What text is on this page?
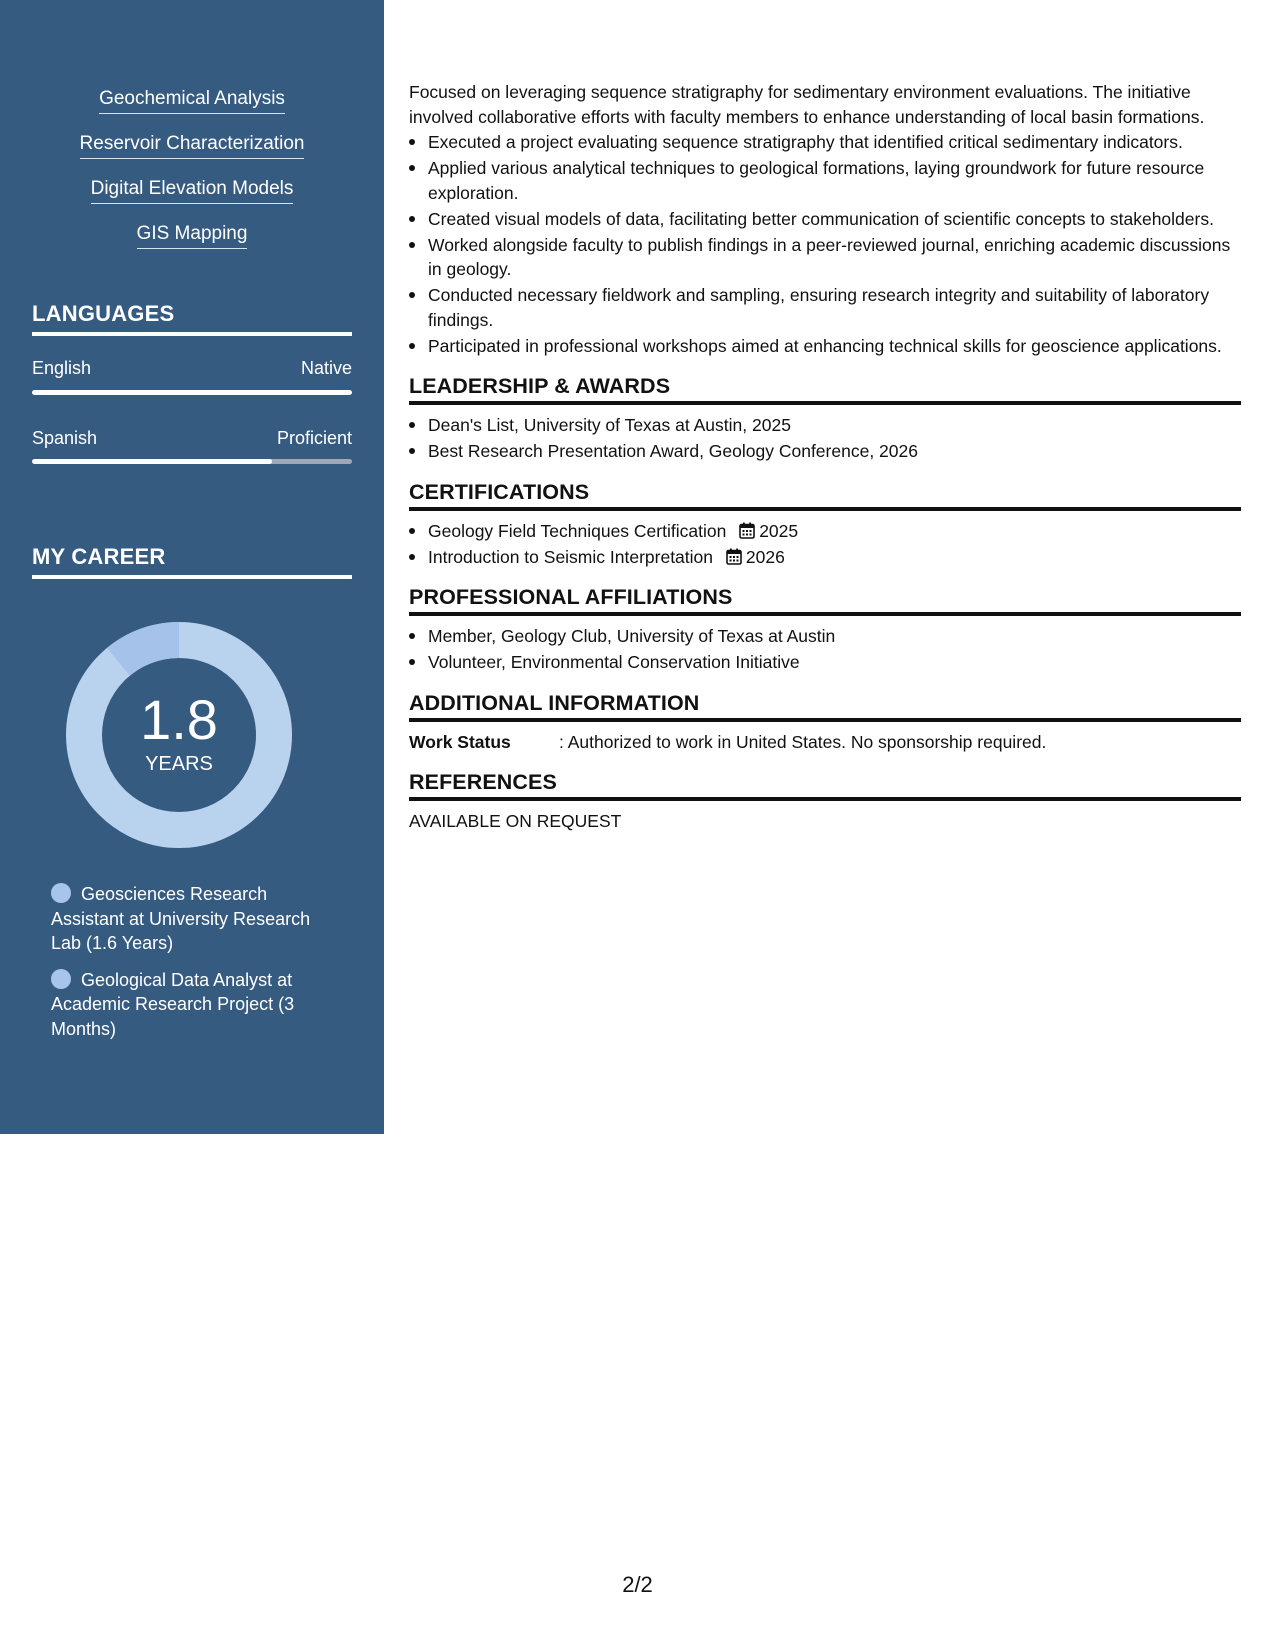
Geochemical Analysis
Reservoir Characterization
Digital Elevation Models
GIS Mapping
LANGUAGES
English	Native
Spanish	Proficient
MY CAREER
1.8
YEARS
Geosciences Research Assistant at University Research Lab (1.6 Years)
Geological Data Analyst at Academic Research Project (3 Months)

Focused on leveraging sequence stratigraphy for sedimentary environment evaluations. The initiative involved collaborative efforts with faculty members to enhance understanding of local basin formations.

Executed a project evaluating sequence stratigraphy that identified critical sedimentary indicators.
Applied various analytical techniques to geological formations, laying groundwork for future resource exploration.
Created visual models of data, facilitating better communication of scientific concepts to stakeholders.
Worked alongside faculty to publish findings in a peer-reviewed journal, enriching academic discussions in geology.
Conducted necessary fieldwork and sampling, ensuring research integrity and suitability of laboratory findings.
Participated in professional workshops aimed at enhancing technical skills for geoscience applications.
LEADERSHIP & AWARDS
Dean's List, University of Texas at Austin, 2025
Best Research Presentation Award, Geology Conference, 2026
CERTIFICATIONS
Geology Field Techniques Certification 2025
Introduction to Seismic Interpretation 2026
PROFESSIONAL AFFILIATIONS
Member, Geology Club, University of Texas at Austin
Volunteer, Environmental Conservation Initiative
ADDITIONAL INFORMATION
Work Status	: Authorized to work in United States. No sponsorship required.
REFERENCES
AVAILABLE ON REQUEST
2/2
